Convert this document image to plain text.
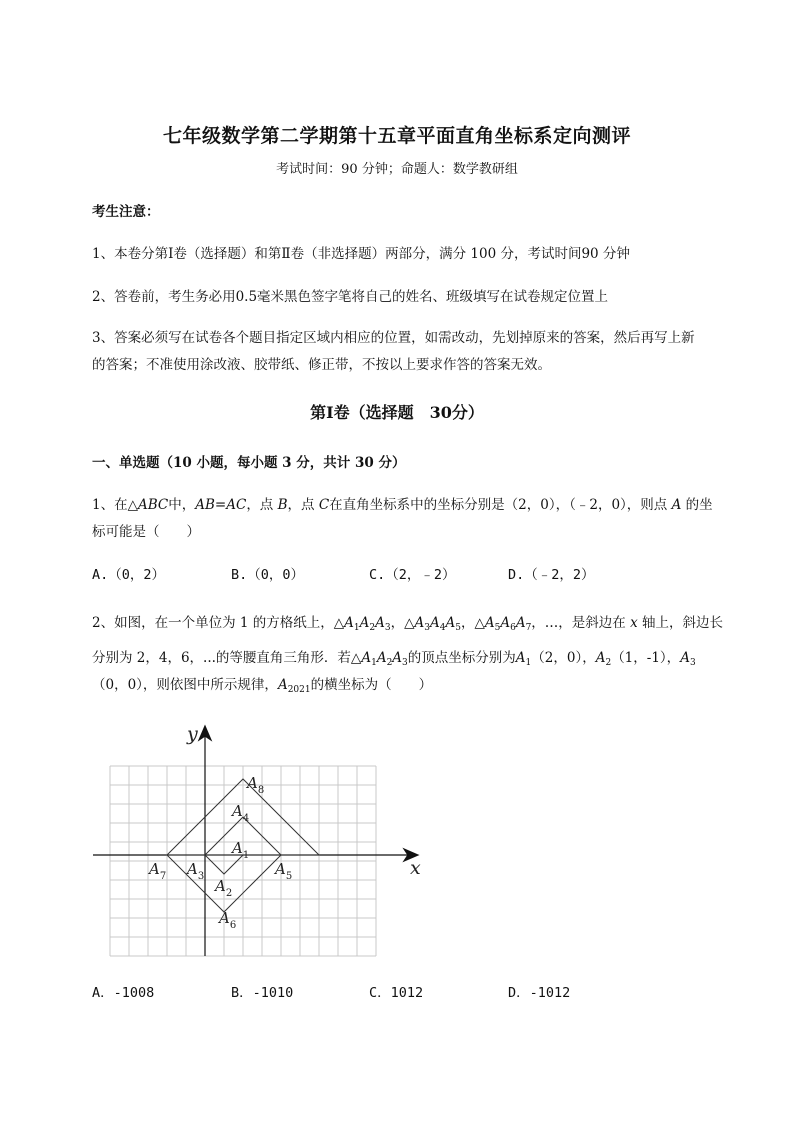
七年级数学第二学期第十五章平面直角坐标系定向测评
考试时间：90 分钟；命题人：数学教研组
考生注意：
1、本卷分第Ⅰ卷（选择题）和第Ⅱ卷（非选择题）两部分，满分 100 分，考试时间90 分钟
2、答卷前，考生务必用0.5毫米黑色签字笔将自己的姓名、班级填写在试卷规定位置上
3、答案必须写在试卷各个题目指定区域内相应的位置，如需改动，先划掉原来的答案，然后再写上新
的答案；不准使用涂改液、胶带纸、修正带，不按以上要求作答的答案无效。
第Ⅰ卷（选择题　30分）
一、单选题（10 小题，每小题 3 分，共计 30 分）
1、在△ABC中，AB=AC，点 B，点 C在直角坐标系中的坐标分别是（2，0），（﹣2，0），则点 A 的坐
标可能是（　　）
A.（0，2）	B.（0，0）	C.（2，﹣2）	D.（﹣2，2）
2、如图，在一个单位为 1 的方格纸上，$\triangle A_1A_2A_3$，$\triangle A_3A_4A_5$，$\triangle A_5A_6A_7$，…，是斜边在 x 轴上，斜边长
分别为 2，4，6，...的等腰直角三角形．若$\triangle A_1A_2A_3$的顶点坐标分别为$A_1(2$，0），$A_2(1$，-1），$A_3$
（0，0），则依图中所示规律，$A_{2021}$的横坐标为（　　）
x
y
$A_1$
$A_2$
$A_3$
$A_4$
$A_5$
$A_6$
$A_7$
$A_8$
A．-1008	B．-1010	C．1012	D．-1012
